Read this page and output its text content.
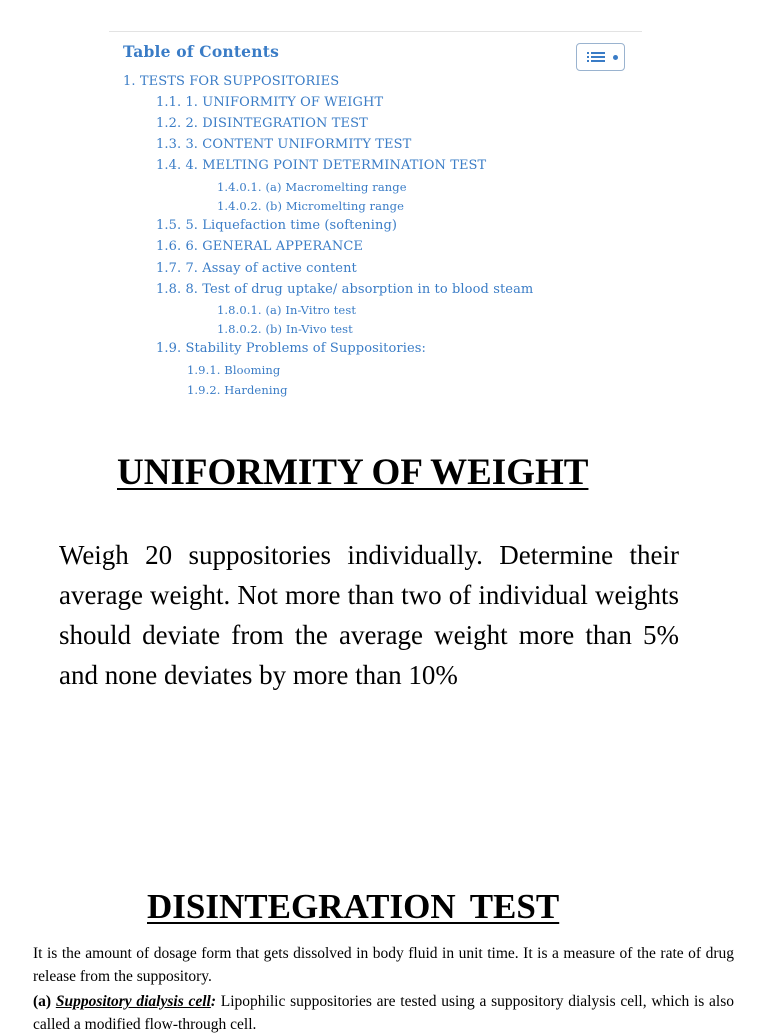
Table of Contents
1. TESTS FOR SUPPOSITORIES
1.1. 1. UNIFORMITY OF WEIGHT
1.2. 2. DISINTEGRATION TEST
1.3. 3. CONTENT UNIFORMITY TEST
1.4. 4. MELTING POINT DETERMINATION TEST
1.4.0.1. (a) Macromelting range
1.4.0.2. (b) Micromelting range
1.5. 5. Liquefaction time (softening)
1.6. 6. GENERAL APPERANCE
1.7. 7. Assay of active content
1.8. 8. Test of drug uptake/ absorption in to blood steam
1.8.0.1. (a) In-Vitro test
1.8.0.2. (b) In-Vivo test
1.9. Stability Problems of Suppositories:
1.9.1. Blooming
1.9.2. Hardening
UNIFORMITY OF WEIGHT

Weigh 20 suppositories individually. Determine their average weight. Not more than two of individual weights should deviate from the average weight more than 5% and none deviates by more than 10%

DISINTEGRATION TEST

It is the amount of dosage form that gets dissolved in body fluid in unit time. It is a measure of the rate of drug release from the suppository.

(a) Suppository dialysis cell: Lipophilic suppositories are tested using a suppository dialysis cell, which is also called a modified flow-through cell.
